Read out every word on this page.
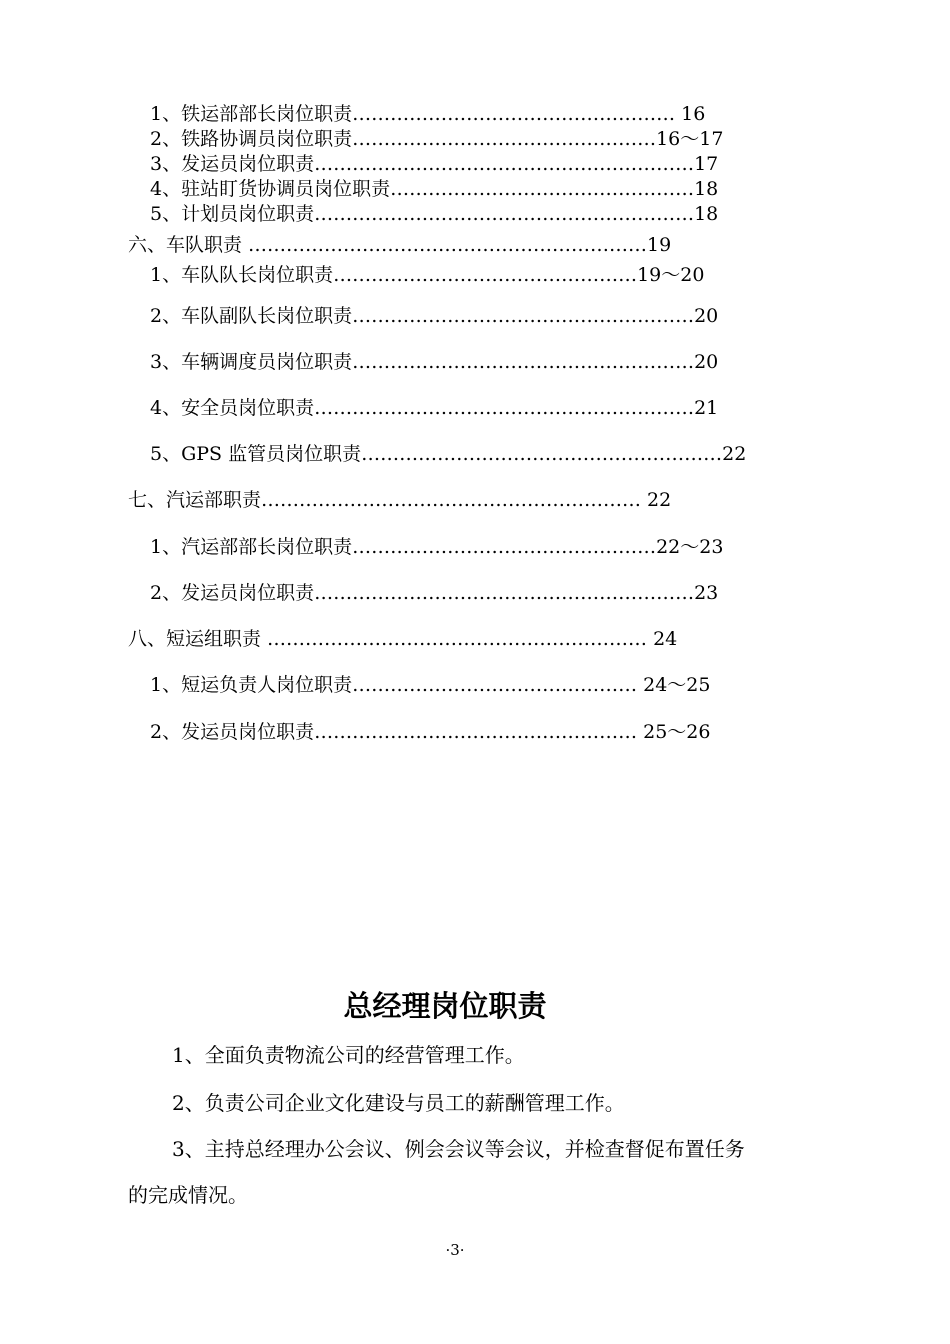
1、铁运部部长岗位职责…………………………………………… 16
2、铁路协调员岗位职责…………………………………………16～17
3、发运员岗位职责……………………………………………………17
4、驻站盯货协调员岗位职责…………………………………………18
5、计划员岗位职责……………………………………………………18
六、车队职责 ………………………………………………………19
1、车队队长岗位职责…………………………………………19～20
2、车队副队长岗位职责………………………………………………20
3、车辆调度员岗位职责………………………………………………20
4、安全员岗位职责……………………………………………………21
5、GPS 监管员岗位职责…………………………………………………22
七、汽运部职责…………………………………………………… 22
1、汽运部部长岗位职责…………………………………………22～23
2、发运员岗位职责……………………………………………………23
八、短运组职责 …………………………………………………… 24
1、短运负责人岗位职责……………………………………… 24～25
2、发运员岗位职责…………………………………………… 25～26
总经理岗位职责
1、全面负责物流公司的经营管理工作。
2、负责公司企业文化建设与员工的薪酬管理工作。
3、主持总经理办公会议、例会会议等会议，并检查督促布置任务
的完成情况。
·3·
